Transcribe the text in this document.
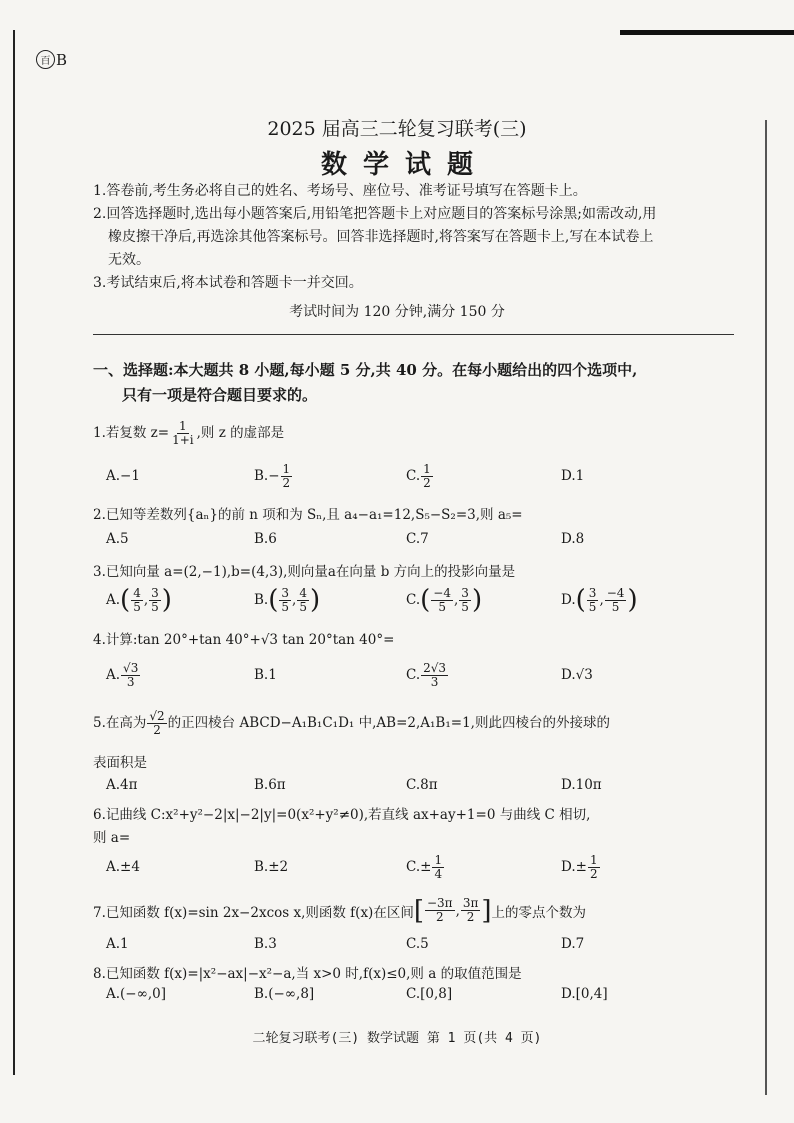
百 B
2025 届高三二轮复习联考(三)
数学试题

1.答卷前,考生务必将自己的姓名、考场号、座位号、准考证号填写在答题卡上。

2.回答选择题时,选出每小题答案后,用铅笔把答题卡上对应题目的答案标号涂黑;如需改动,用

橡皮擦干净后,再选涂其他答案标号。回答非选择题时,将答案写在答题卡上,写在本试卷上

无效。

3.考试结束后,将本试卷和答题卡一并交回。

考试时间为 120 分钟,满分 150 分
一、选择题:本大题共 8 小题,每小题 5 分,共 40 分。在每小题给出的四个选项中,
只有一项是符合题目要求的。
1.若复数 $z= \frac{1}{1+i}$ ,则 z 的虚部是
A.−1	$B.- \frac{1}{2}$	C. $\frac{1}{2}$	D.1
2.已知等差数列{aₙ}的前 n 项和为 Sₙ,且 a₄−a₁=12,S₅−S₂=3,则 a₅=
A.5	B.6	C.7	D.8
3.已知向量 a=(2,−1),b=(4,3),则向量a在向量 b 方向上的投影向量是
A. ( $\frac{4}{5}$ , $\frac{3}{5}$ )	B. ( $\frac{3}{5}$ , $\frac{4}{5}$ )	C. ( $\frac{-4}{5}$ , $\frac{3}{5}$ )	D. ( $\frac{3}{5}$ , $\frac{-4}{5}$ )
4.计算:tan 20°+tan 40°+√3 tan 20°tan 40°=
A. $\frac{√3}{3}$	B.1	C. $\frac{2√3}{3}$	D.√3
5.在高为 $\frac{√2}{2}$ 的正四棱台 ABCD−A₁B₁C₁D₁ 中,AB=2,A₁B₁=1,则此四棱台的外接球的
表面积是
A.4π	B.6π	C.8π	D.10π
6.记曲线 C:x²+y²−2|x|−2|y|=0(x²+y²≠0),若直线 ax+ay+1=0 与曲线 C 相切,
则 a=
A.±4	B.±2	$C.\pm \frac{1}{4}$	$D.\pm \frac{1}{2}$
7.已知函数 f(x)=sin 2x−2xcos x,则函数 f(x)在区间 [ $\frac{-3\pi}{2}$ , $\frac{3\pi}{2}$ ] 上的零点个数为
A.1	B.3	C.5	D.7
8.已知函数 f(x)=|x²−ax|−x²−a,当 x>0 时,f(x)≤0,则 a 的取值范围是
A.(−∞,0]	B.(−∞,8]	C.[0,8]	D.[0,4]
二轮复习联考(三) 数学试题 第 1 页(共 4 页)
